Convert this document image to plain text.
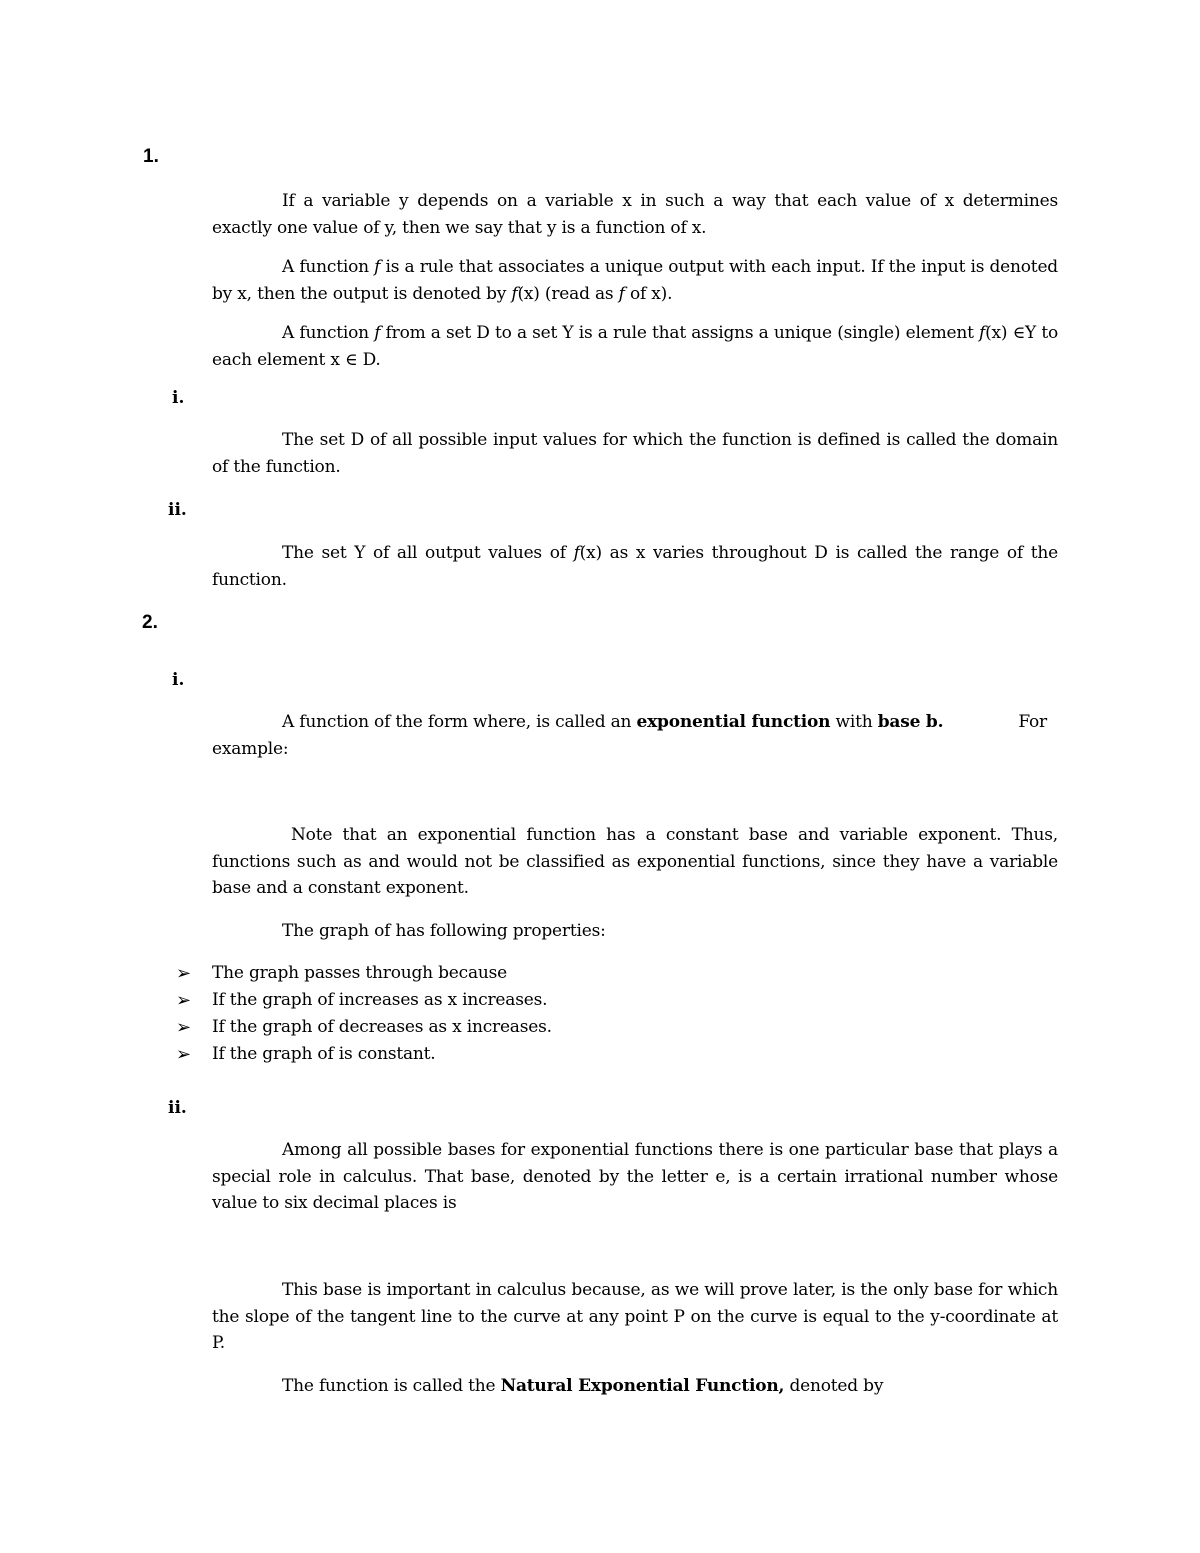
1.
If a variable y depends on a variable x in such a way that each value of x determines exactly one value of y, then we say that y is a function of x.
A function f is a rule that associates a unique output with each input. If the input is denoted by x, then the output is denoted by f(x) (read as f of x).
A function f from a set D to a set Y is a rule that assigns a unique (single) element f(x) ∈Y to each element x ∈ D.
i.
The set D of all possible input values for which the function is defined is called the domain of the function.
ii.
The set Y of all output values of f(x) as x varies throughout D is called the range of the function.
2.
i.
A function of the form where, is called an exponential function with base b.	For example:
Note that an exponential function has a constant base and variable exponent. Thus, functions such as and would not be classified as exponential functions, since they have a variable base and a constant exponent.
The graph of has following properties:
➢ The graph passes through because
➢ If the graph of increases as x increases.
➢ If the graph of decreases as x increases.
➢ If the graph of is constant.
ii.
Among all possible bases for exponential functions there is one particular base that plays a special role in calculus. That base, denoted by the letter e, is a certain irrational number whose value to six decimal places is
This base is important in calculus because, as we will prove later, is the only base for which the slope of the tangent line to the curve at any point P on the curve is equal to the y-coordinate at P.
The function is called the Natural Exponential Function, denoted by
